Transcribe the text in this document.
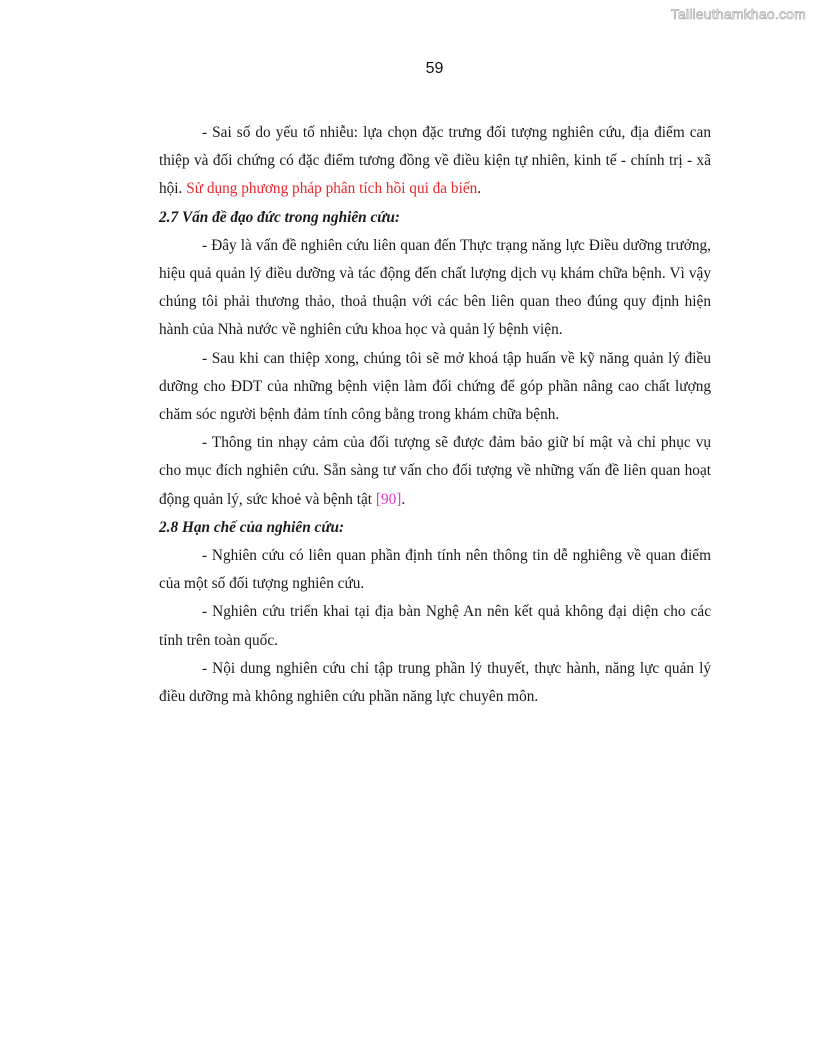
Tailieuthamkhao.com
59

- Sai số do yếu tố nhiễu: lựa chọn đặc trưng đối tượng nghiên cứu, địa điểm can thiệp và đối chứng có đặc điểm tương đồng về điều kiện tự nhiên, kinh tế - chính trị - xã hội. Sử dụng phương pháp phân tích hồi qui đa biến.

2.7 Vấn đề đạo đức trong nghiên cứu:

- Đây là vấn đề nghiên cứu liên quan đến Thực trạng năng lực Điều dưỡng trưởng, hiệu quả quản lý điều dưỡng và tác động đến chất lượng dịch vụ khám chữa bệnh. Vì vậy chúng tôi phải thương thảo, thoả thuận với các bên liên quan theo đúng quy định hiện hành của Nhà nước về nghiên cứu khoa học và quản lý bệnh viện.

- Sau khi can thiệp xong, chúng tôi sẽ mở khoá tập huấn về kỹ năng quản lý điều dưỡng cho ĐDT của những bệnh viện làm đối chứng để góp phần nâng cao chất lượng chăm sóc người bệnh đảm tính công bằng trong khám chữa bệnh.

- Thông tin nhạy cảm của đối tượng sẽ được đảm bảo giữ bí mật và chỉ phục vụ cho mục đích nghiên cứu. Sẵn sàng tư vấn cho đối tượng về những vấn đề liên quan hoạt động quản lý, sức khoẻ và bệnh tật [90].

2.8 Hạn chế của nghiên cứu:

- Nghiên cứu có liên quan phần định tính nên thông tin dễ nghiêng về quan điểm của một số đối tượng nghiên cứu.

- Nghiên cứu triển khai tại địa bàn Nghệ An nên kết quả không đại diện cho các tỉnh trên toàn quốc.

- Nội dung nghiên cứu chỉ tập trung phần lý thuyết, thực hành, năng lực quản lý điều dưỡng mà không nghiên cứu phần năng lực chuyên môn.
